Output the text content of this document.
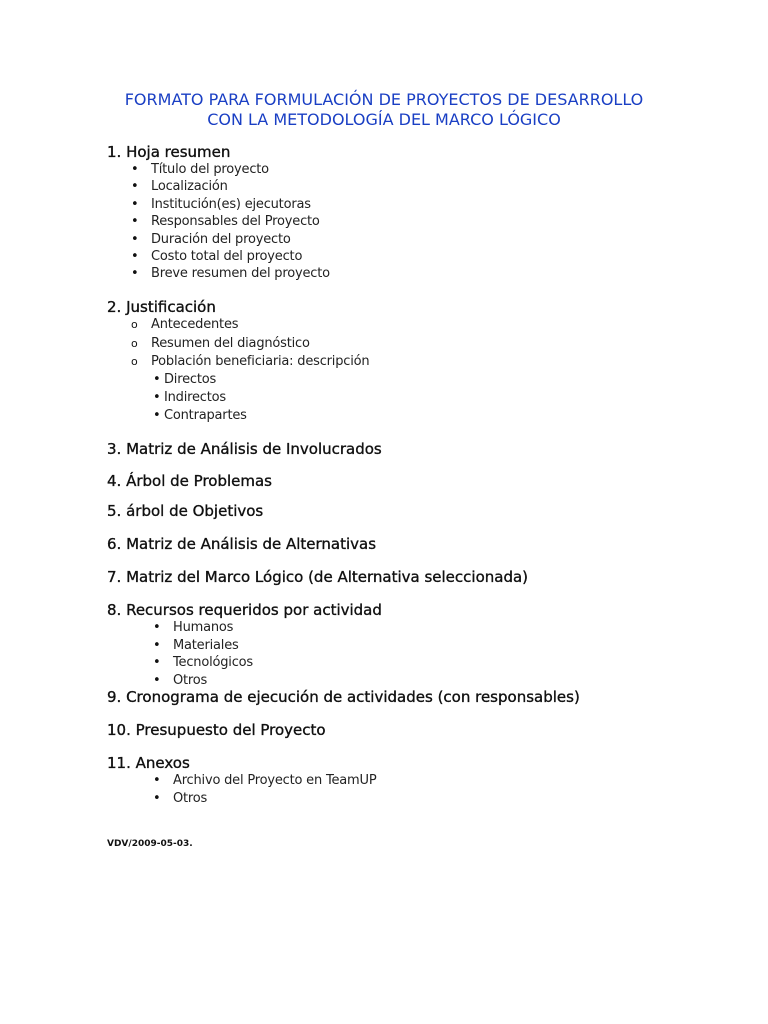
FORMATO PARA FORMULACIÓN DE PROYECTOS DE DESARROLLO
CON LA METODOLOGÍA DEL MARCO LÓGICO
1. Hoja resumen
• Título del proyecto
• Localización
• Institución(es) ejecutoras
• Responsables del Proyecto
• Duración del proyecto
• Costo total del proyecto
• Breve resumen del proyecto
2. Justificación
o Antecedentes
o Resumen del diagnóstico
o Población beneficiaria: descripción
• Directos
• Indirectos
• Contrapartes
3. Matriz de Análisis de Involucrados
4. Árbol de Problemas
5. árbol de Objetivos
6. Matriz de Análisis de Alternativas
7. Matriz del Marco Lógico (de Alternativa seleccionada)
8. Recursos requeridos por actividad
• Humanos
• Materiales
• Tecnológicos
• Otros
9. Cronograma de ejecución de actividades (con responsables)
10. Presupuesto del Proyecto
11. Anexos
• Archivo del Proyecto en TeamUP
• Otros
VDV/2009-05-03.
